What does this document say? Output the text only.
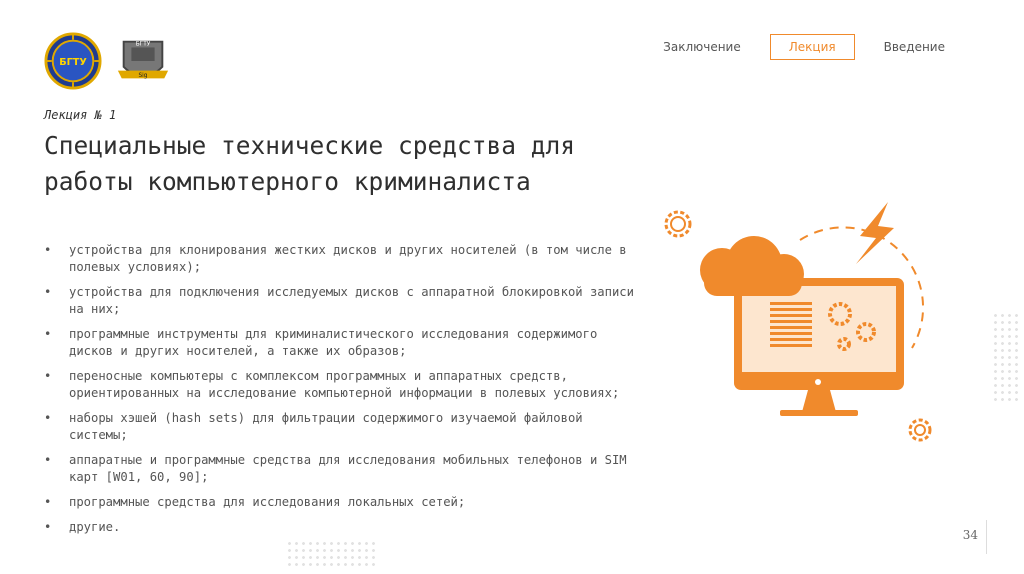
БГТУ
БГТУ
Sig
Заключение	Лекция	Введение
Лекция № 1
Специальные технические средства для работы компьютерного криминалиста
• устройства для клонирования жестких дисков и других носителей (в том числе в полевых условиях);
• устройства для подключения исследуемых дисков с аппаратной блокировкой записи на них;
• программные инструменты для криминалистического исследования содержимого дисков и других носителей, а также их образов;
• переносные компьютеры с комплексом программных и аппаратных средств, ориентированных на исследование компьютерной информации в полевых условиях;
• наборы хэшей (hash sets) для фильтрации содержимого изучаемой файловой системы;
• аппаратные и программные средства для исследования мобильных телефонов и SIM карт [W01, 60, 90];
• программные средства для исследования локальных сетей;
• другие.
34
